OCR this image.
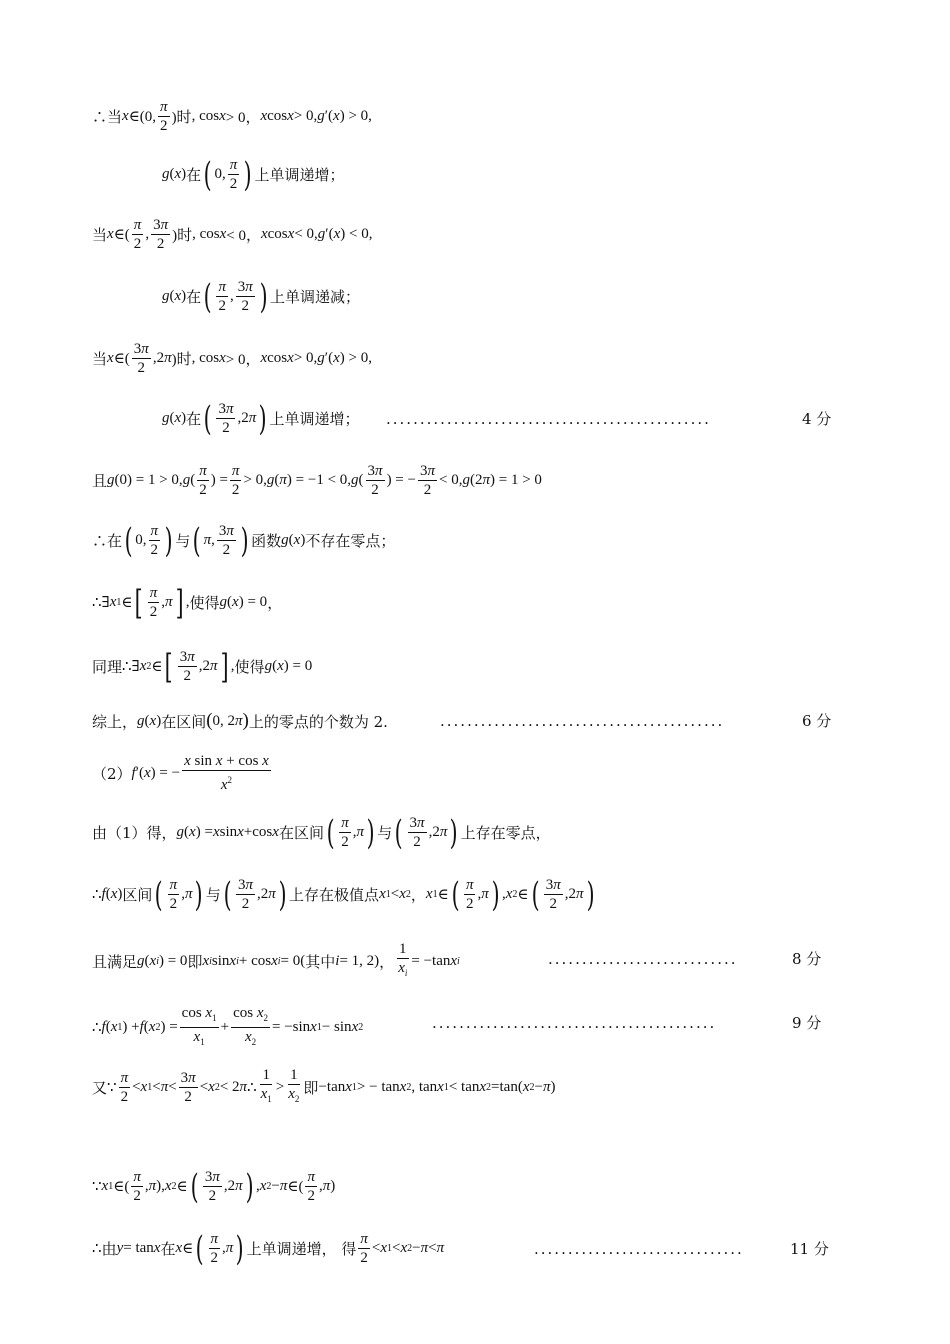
∴当 x ∈(0, $\frac{\pi}{2}$ )时 , cos x > 0， x cos x > 0, g ′( x ) > 0,
g ( x ) 在 ( 0, $\frac{\pi}{2}$ ) 上单调递增；
当 x ∈( $\frac{\pi}{2}$ , $\frac{3\pi}{2}$ )时 , cos x < 0， x cos x < 0, g ′( x ) < 0,
g ( x ) 在 ( $\frac{\pi}{2}$ , $\frac{3\pi}{2}$ ) 上单调递减；
当 x ∈( $\frac{3\pi}{2} ,2$ π )时 , cos x > 0， x cos x > 0, g ′( x ) > 0,
g ( x ) 在 ( $\frac{3\pi}{2} ,2$ π ) 上单调递增； ................................................	4 分
且 g (0) = 1 > 0, g ( $\frac{\pi}{2}$ ) = $\frac{\pi}{2} > 0$, g ( π ) = −1 < 0, g ( $\frac{3\pi}{2}$ ) = − $\frac{3\pi}{2} < 0$, g (2 π ) = 1 > 0
∴在 ( 0, $\frac{\pi}{2}$ ) 与 ( π , $\frac{3\pi}{2}$ ) 函数 g ( x ) 不存在零点；
∴∃ x 1 ∈ [ $\frac{\pi}{2}$ , π ] , 使得 g ( x ) = 0 ，
同理 ∴∃ x 2 ∈ [ $\frac{3\pi}{2} ,2$ π ] , 使得 g ( x ) = 0
综上， g ( x ) 在区间 ( 0, 2 π ) 上的零点的个数为 2.	..........................................	6 分
（2） f ′( x ) = − $\frac{\text{x sin x + cos x}}{x^2}$
由（1）得， g ( x ) = x sin x +cos x 在区间 ( $\frac{\pi}{2}$ , π ) 与 ( $\frac{3\pi}{2} ,2$ π ) 上存在零点，
∴ f ( x ) 区间 ( $\frac{\pi}{2}$ , π ) 与 ( $\frac{3\pi}{2} ,2$ π ) 上存在极值点 x 1 < x 2 ， x 1 ∈ ( $\frac{\pi}{2}$ , π ) , x 2 ∈ ( $\frac{3\pi}{2} ,2$ π )
且满足 g ( x i ) = 0 即 x i sin x i + cos x i = 0( 其中 i = 1, 2) ， $\frac{1}{x_i} = -\tan$ x i	............................	8 分
∴ f ( x 1 ) + f ( x 2 ) = $\frac{\cos x_1}{x_1} + \frac{\cos x_2}{x_2} = -\sin$ x 1 − sin x 2	..........................................	9 分
又 ∵ $\frac{\pi}{2} < x$ $1 < \pi < \frac{3\pi}{2} < x$ 2 < 2 π ∴ $\frac{1}{x_1} > \frac{1}{x_2}$ 即 −tan x 1 > − tan x 2 , tan x 1 < tan x 2 =tan( x 2 − π )
∵ x 1 ∈( $\frac{\pi}{2}$ , π ), x 2 ∈ ( $\frac{3\pi}{2} ,2$ π ) , x 2 − π ∈( $\frac{\pi}{2}$ , π )
∴ 由 y = tan x 在 x ∈ ( $\frac{\pi}{2}$ , π ) 上单调递增， 得 $\frac{\pi}{2} < x$ 1 < x 2 − π < π	...............................	11 分
